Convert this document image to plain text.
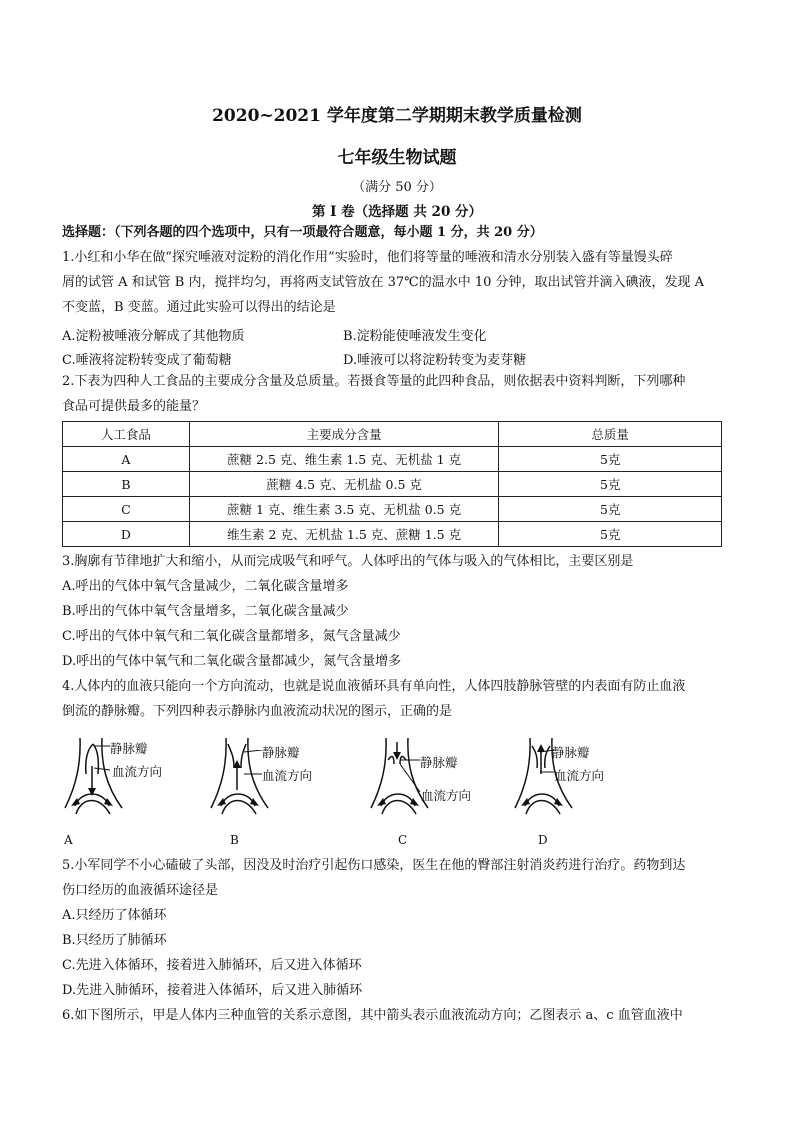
2020~2021 学年度第二学期期末教学质量检测
七年级生物试题
（满分 50 分）
第 I 卷（选择题 共 20 分）
选择题：（下列各题的四个选项中，只有一项最符合题意，每小题 1 分，共 20 分）
1.小红和小华在做“探究唾液对淀粉的消化作用”实验时，他们将等量的唾液和清水分别装入盛有等量馒头碎
屑的试管 A 和试管 B 内，搅拌均匀，再将两支试管放在 37℃的温水中 10 分钟，取出试管并滴入碘液，发现 A
不变蓝，B 变蓝。通过此实验可以得出的结论是
A.淀粉被唾液分解成了其他物质	B.淀粉能使唾液发生变化
C.唾液将淀粉转变成了葡萄糖	D.唾液可以将淀粉转变为麦芽糖
2.下表为四种人工食品的主要成分含量及总质量。若摄食等量的此四种食品，则依据表中资料判断，下列哪种
食品可提供最多的能量？
人工食品	主要成分含量	总质量
A	蔗糖 2.5 克、维生素 1.5 克、无机盐 1 克	5克
B	蔗糖 4.5 克、无机盐 0.5 克	5克
C	蔗糖 1 克、维生素 3.5 克、无机盐 0.5 克	5克
D	维生素 2 克、无机盐 1.5 克、蔗糖 1.5 克	5克
3.胸廓有节律地扩大和缩小，从而完成吸气和呼气。人体呼出的气体与吸入的气体相比，主要区别是
A.呼出的气体中氧气含量减少，二氧化碳含量增多
B.呼出的气体中氧气含量增多，二氧化碳含量减少
C.呼出的气体中氧气和二氧化碳含量都增多，氮气含量减少
D.呼出的气体中氧气和二氧化碳含量都减少，氮气含量增多
4.人体内的血液只能向一个方向流动，也就是说血液循环具有单向性，人体四肢静脉管壁的内表面有防止血液
倒流的静脉瓣。下列四种表示静脉内血液流动状况的图示，正确的是
静脉瓣
血流方向
A
静脉瓣
血流方向
B
静脉瓣
血流方向
C
静脉瓣
血流方向
D
5.小军同学不小心磕破了头部，因没及时治疗引起伤口感染，医生在他的臀部注射消炎药进行治疗。药物到达
伤口经历的血液循环途径是
A.只经历了体循环
B.只经历了肺循环
C.先进入体循环，接着进入肺循环，后又进入体循环
D.先进入肺循环，接着进入体循环，后又进入肺循环
6.如下图所示，甲是人体内三种血管的关系示意图，其中箭头表示血液流动方向；乙图表示 a、c 血管血液中
